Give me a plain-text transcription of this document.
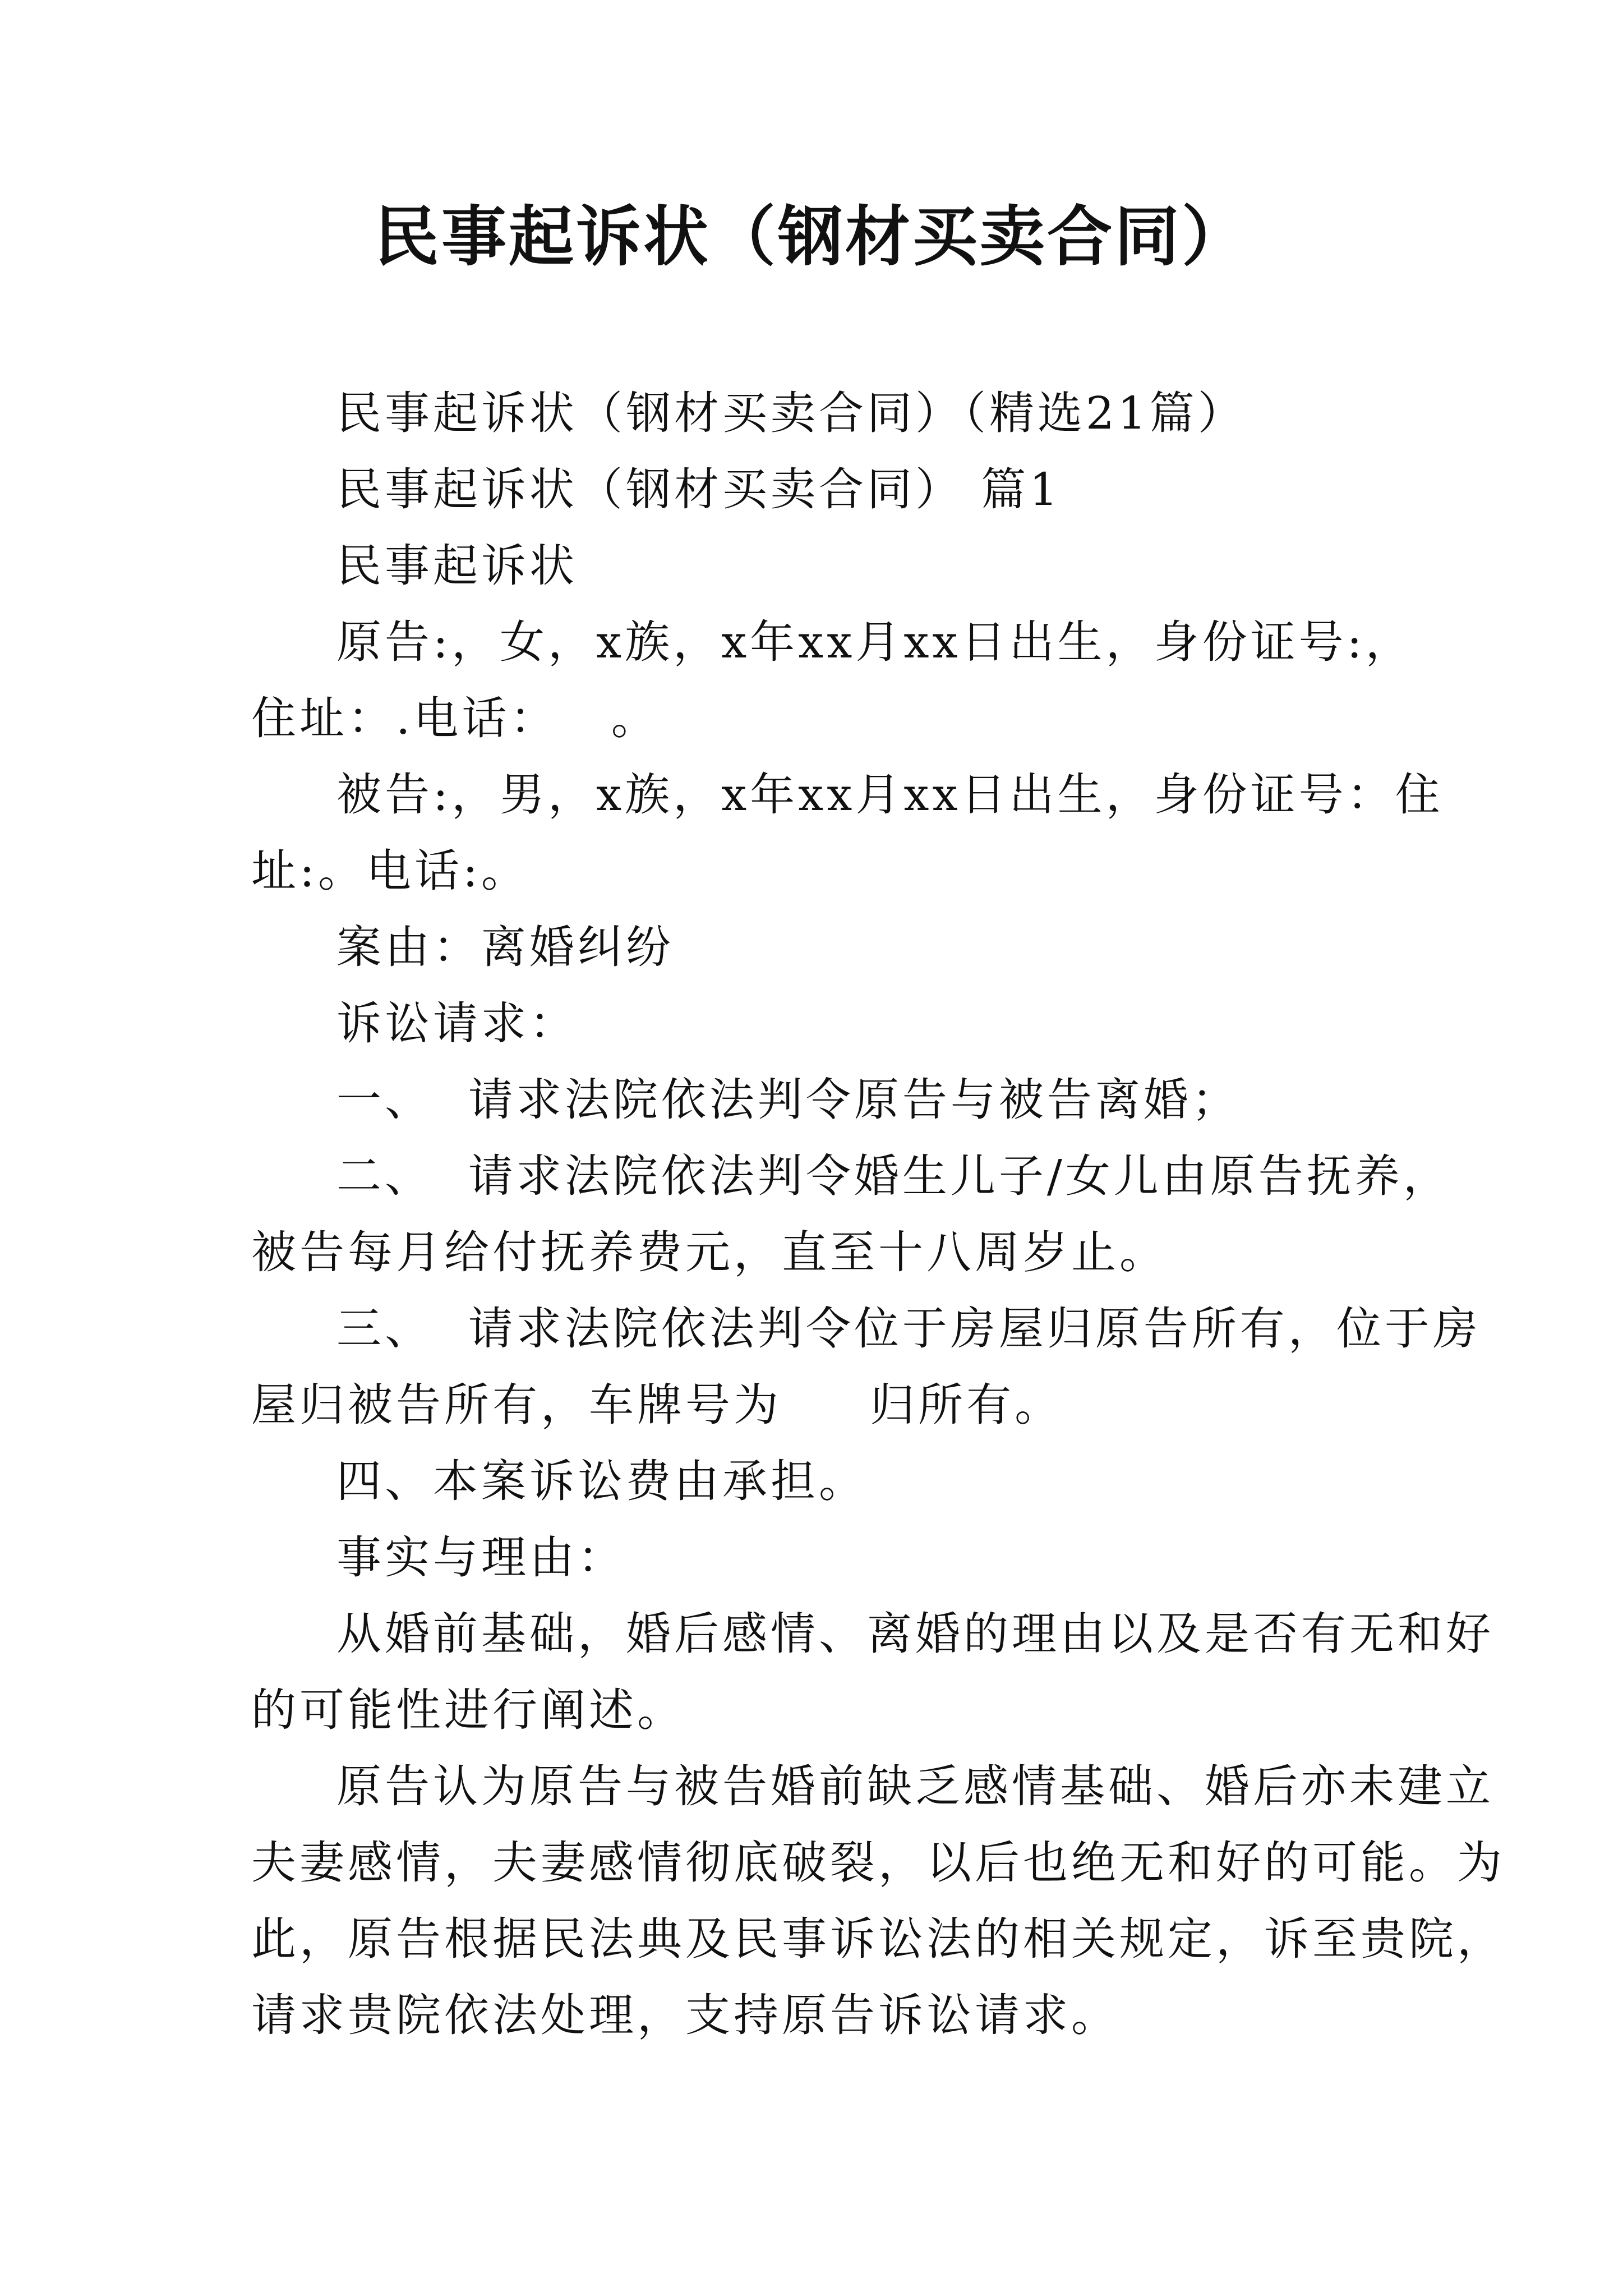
民事起诉状（钢材买卖合同）
民事起诉状（钢材买卖合同）（精选21篇）
民事起诉状（钢材买卖合同） 篇1
民事起诉状
原告:，女，x族，x年xx月xx日出生，身份证号:，
住址：.电话：   。
被告:，男，x族，x年xx月xx日出生，身份证号：住
址:。电话:。
案由：离婚纠纷
诉讼请求：
一、  请求法院依法判令原告与被告离婚；
二、  请求法院依法判令婚生儿子/女儿由原告抚养，
被告每月给付抚养费元，直至十八周岁止。
三、  请求法院依法判令位于房屋归原告所有，位于房
屋归被告所有，车牌号为     归所有。
四、本案诉讼费由承担。
事实与理由：
从婚前基础，婚后感情、离婚的理由以及是否有无和好
的可能性进行阐述。
原告认为原告与被告婚前缺乏感情基础、婚后亦未建立
夫妻感情，夫妻感情彻底破裂，以后也绝无和好的可能。为
此，原告根据民法典及民事诉讼法的相关规定，诉至贵院，
请求贵院依法处理，支持原告诉讼请求。
